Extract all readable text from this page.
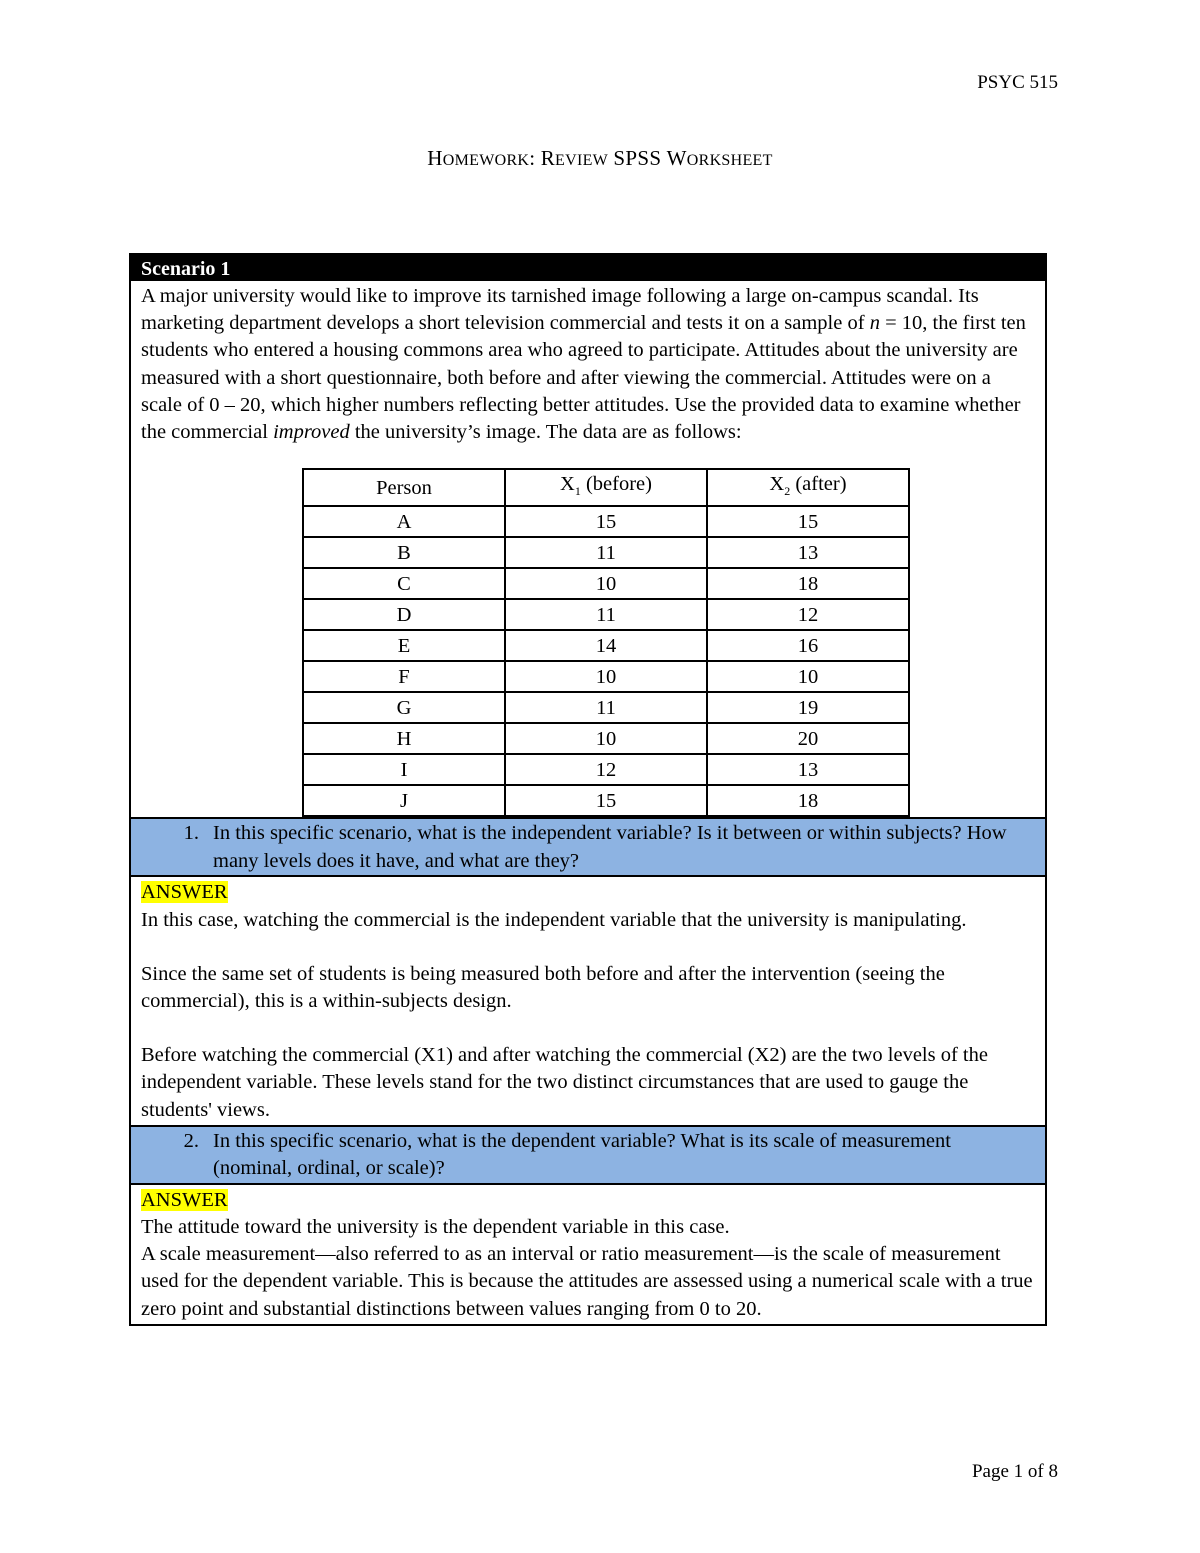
PSYC 515
HOMEWORK: REVIEW SPSS WORKSHEET
Scenario 1
A major university would like to improve its tarnished image following a large on-campus scandal. Its marketing department develops a short television commercial and tests it on a sample of n = 10, the first ten students who entered a housing commons area who agreed to participate. Attitudes about the university are measured with a short questionnaire, both before and after viewing the commercial. Attitudes were on a scale of 0 – 20, which higher numbers reflecting better attitudes. Use the provided data to examine whether the commercial improved the university’s image. The data are as follows:
Person	$X_1$ (before)	$X_2$ (after)
A	15	15
B	11	13
C	10	18
D	11	12
E	14	16
F	10	10
G	11	19
H	10	20
I	12	13
J	15	18
1. In this specific scenario, what is the independent variable? Is it between or within subjects? How many levels does it have, and what are they?
ANSWER

In this case, watching the commercial is the independent variable that the university is manipulating.

Since the same set of students is being measured both before and after the intervention (seeing the commercial), this is a within-subjects design.

Before watching the commercial (X1) and after watching the commercial (X2) are the two levels of the independent variable. These levels stand for the two distinct circumstances that are used to gauge the students' views.

2. In this specific scenario, what is the dependent variable? What is its scale of measurement (nominal, ordinal, or scale)?
ANSWER

The attitude toward the university is the dependent variable in this case.

A scale measurement—also referred to as an interval or ratio measurement—is the scale of measurement used for the dependent variable. This is because the attitudes are assessed using a numerical scale with a true zero point and substantial distinctions between values ranging from 0 to 20.

Page 1 of 8
